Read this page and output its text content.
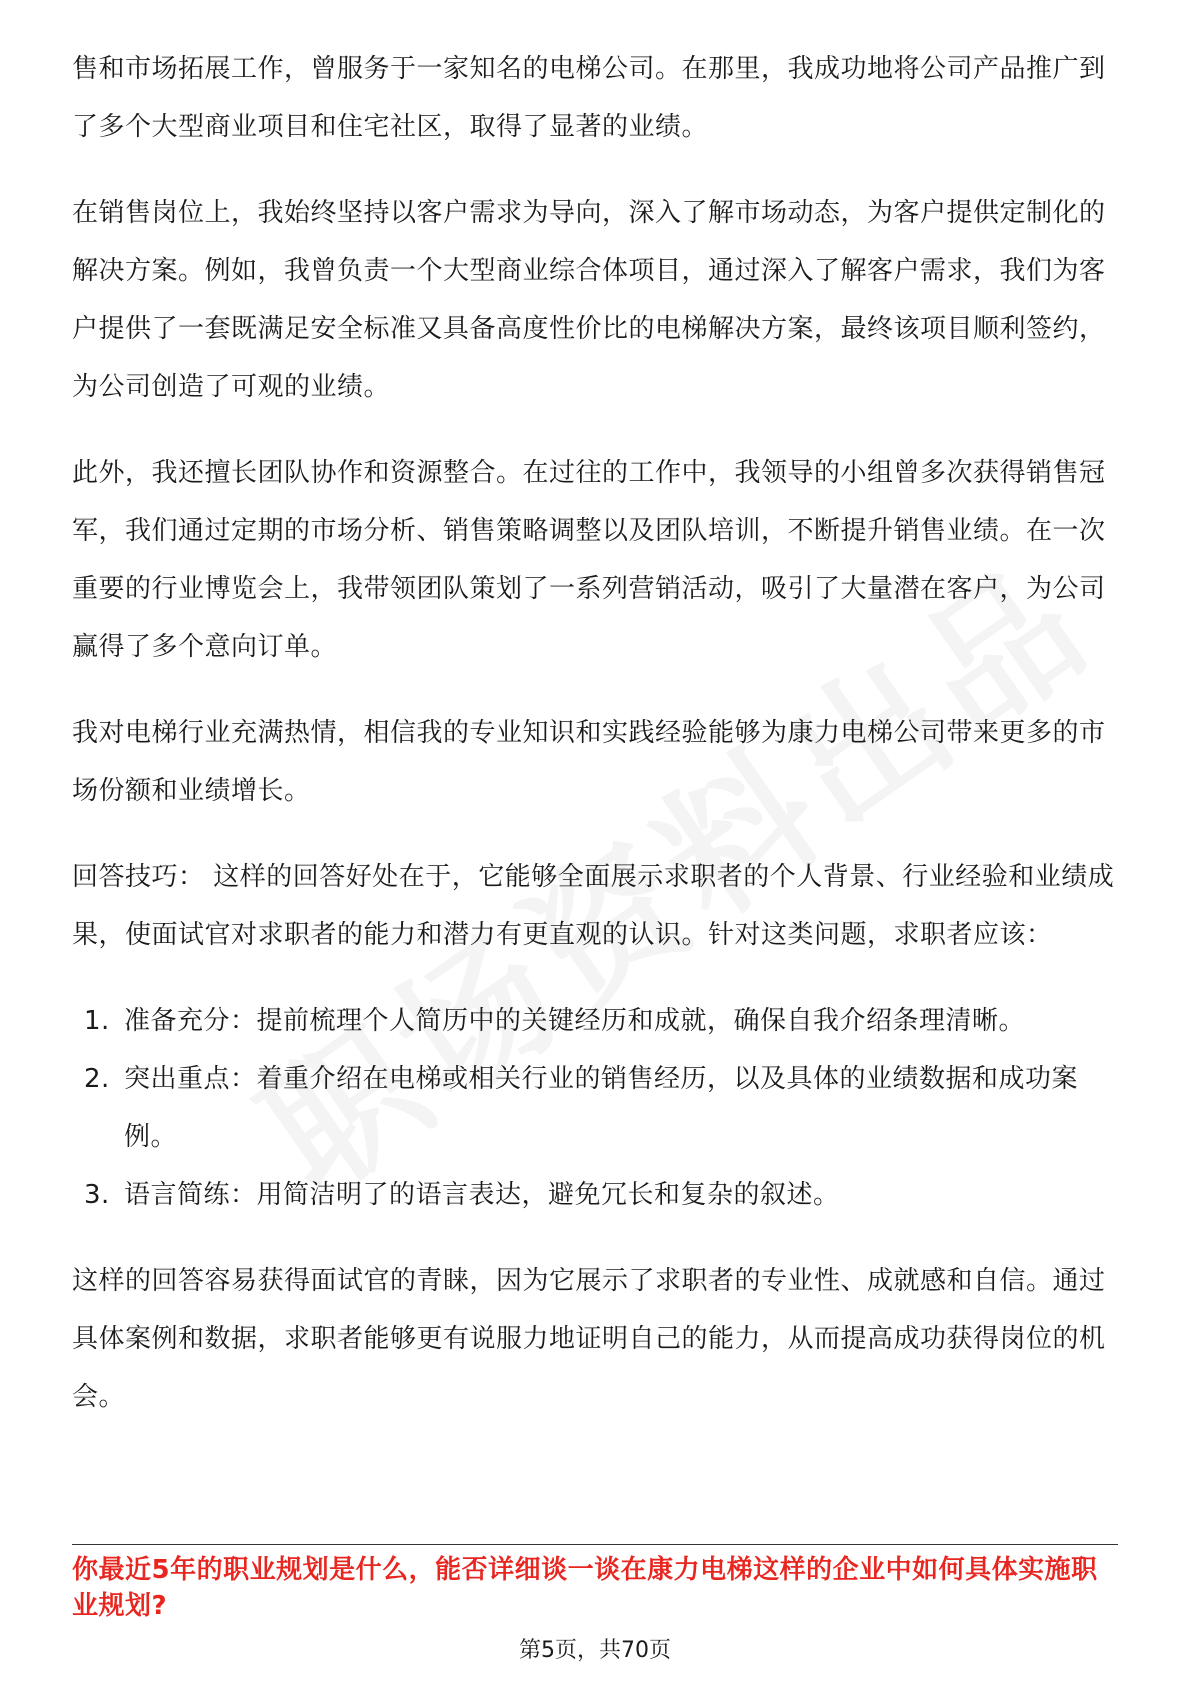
售和市场拓展工作，曾服务于一家知名的电梯公司。在那里，我成功地将公司产品推广到了多个大型商业项目和住宅社区，取得了显著的业绩。

在销售岗位上，我始终坚持以客户需求为导向，深入了解市场动态，为客户提供定制化的解决方案。例如，我曾负责一个大型商业综合体项目，通过深入了解客户需求，我们为客户提供了一套既满足安全标准又具备高度性价比的电梯解决方案，最终该项目顺利签约，为公司创造了可观的业绩。

此外，我还擅长团队协作和资源整合。在过往的工作中，我领导的小组曾多次获得销售冠军，我们通过定期的市场分析、销售策略调整以及团队培训，不断提升销售业绩。在一次重要的行业博览会上，我带领团队策划了一系列营销活动，吸引了大量潜在客户，为公司赢得了多个意向订单。

我对电梯行业充满热情，相信我的专业知识和实践经验能够为康力电梯公司带来更多的市场份额和业绩增长。

回答技巧： 这样的回答好处在于，它能够全面展示求职者的个人背景、行业经验和业绩成果，使面试官对求职者的能力和潜力有更直观的认识。针对这类问题，求职者应该：

1. 准备充分：提前梳理个人简历中的关键经历和成就，确保自我介绍条理清晰。
2. 突出重点：着重介绍在电梯或相关行业的销售经历，以及具体的业绩数据和成功案例。
3. 语言简练：用简洁明了的语言表达，避免冗长和复杂的叙述。

这样的回答容易获得面试官的青睐，因为它展示了求职者的专业性、成就感和自信。通过具体案例和数据，求职者能够更有说服力地证明自己的能力，从而提高成功获得岗位的机会。

你最近5年的职业规划是什么，能否详细谈一谈在康力电梯这样的企业中如何具体实施职业规划?
第5页，共70页
